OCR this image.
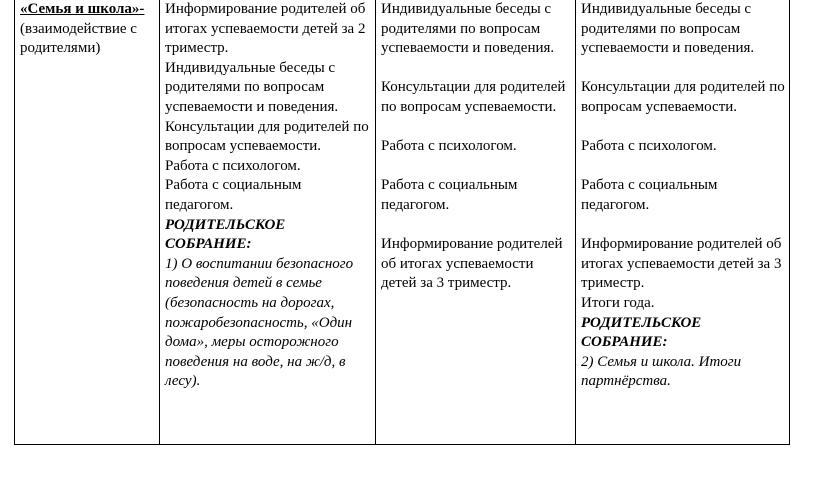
«Семья и школа»-
(взаимодействие с родителями)

Информирование родителей об итогах успеваемости детей за 2 триместр.
Индивидуальные беседы с родителями по вопросам успеваемости и поведения.
Консультации для родителей по вопросам успеваемости.
Работа с психологом.
Работа с социальным педагогом.
РОДИТЕЛЬСКОЕ СОБРАНИЕ:
1) О воспитании безопасного поведения детей в семье (безопасность на дорогах, пожаробезопасность, «Один дома», меры осторожного поведения на воде, на ж/д, в лесу).

Индивидуальные беседы с родителями по вопросам успеваемости и поведения.
Консультации для родителей по вопросам успеваемости.
Работа с психологом.
Работа с социальным педагогом.
Информирование родителей об итогах успеваемости детей за 3 триместр.

Индивидуальные беседы с родителями по вопросам успеваемости и поведения.
Консультации для родителей по вопросам успеваемости.
Работа с психологом.
Работа с социальным педагогом.
Информирование родителей об итогах успеваемости детей за 3 триместр.
Итоги года.
РОДИТЕЛЬСКОЕ СОБРАНИЕ:
2) Семья и школа. Итоги партнёрства.
